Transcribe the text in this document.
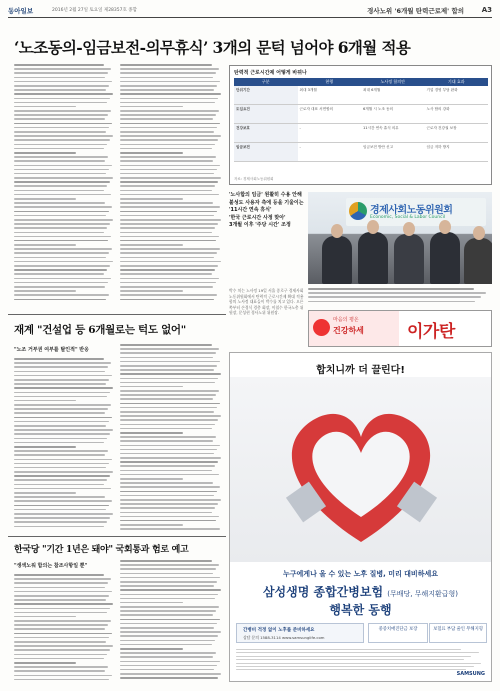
동아일보	2016년 2월 27일 토요일 제28357호 종합	경사노위 '6개월 탄력근로제' 합의	A3
‘노조동의-임금보전-의무휴식’ 3개의 문턱 넘어야 6개월 적용
탄력적 근로시간제 어떻게 바뀌나
구분	현행	노사정 합의안	기대 효과
단위기간	최대 3개월	최대 6개월	기업 경영 부담 완화
도입요건	근로자 대표 서면합의	6개월 시 노조 동의	노사 합의 강화
건강보호	-	11시간 연속 휴식 의무	근로자 건강권 보장
임금보전	-	임금보전 방안 신고	임금 저하 방지
자료: 경제사회노동위원회
'노사합의 임금' 원활히 수용 안해
불성도 사용자 측에 등을 기울이는
'11시간 연속 휴식'
'한국 근로시간 사정 맞아'
3개월 이후 '주당 시간' 조정
경제사회노동위원회
Economic, Social & Labor Council
박수 치는 노사정 19일 서울 종로구 경제사회노동위원회에서 탄력적 근로시간제 확대 적용 합의 노사정 대표들이 박수를 치고 있다. 오른쪽부터 손경식 경총 회장, 이철수 한국노총 위원장, 문성현 경사노위 위원장.
마음의 평온
건강하세	이가탄
합치니까 더 끌린다!
누구에게나 올 수 있는 노후 질병, 미리 대비하세요
삼성생명 종합간병보험 (무배당, 무해지환급형)
행복한 동행
간병비 걱정 없이 노후를 준비하세요
상담 문의 1588-3114 www.samsunglife.com
중증치매진단금 보장	보험료 부담 줄인 무해지형
SAMSUNG
재계 "건설업 등 6개월로는 턱도 없어"
"노조 거부권 여부를 탈인적" 반응
한국당 "기간 1년은 돼야" 국회통과 험로 예고
"생색노워 합의는 참조사항일 뿐"
